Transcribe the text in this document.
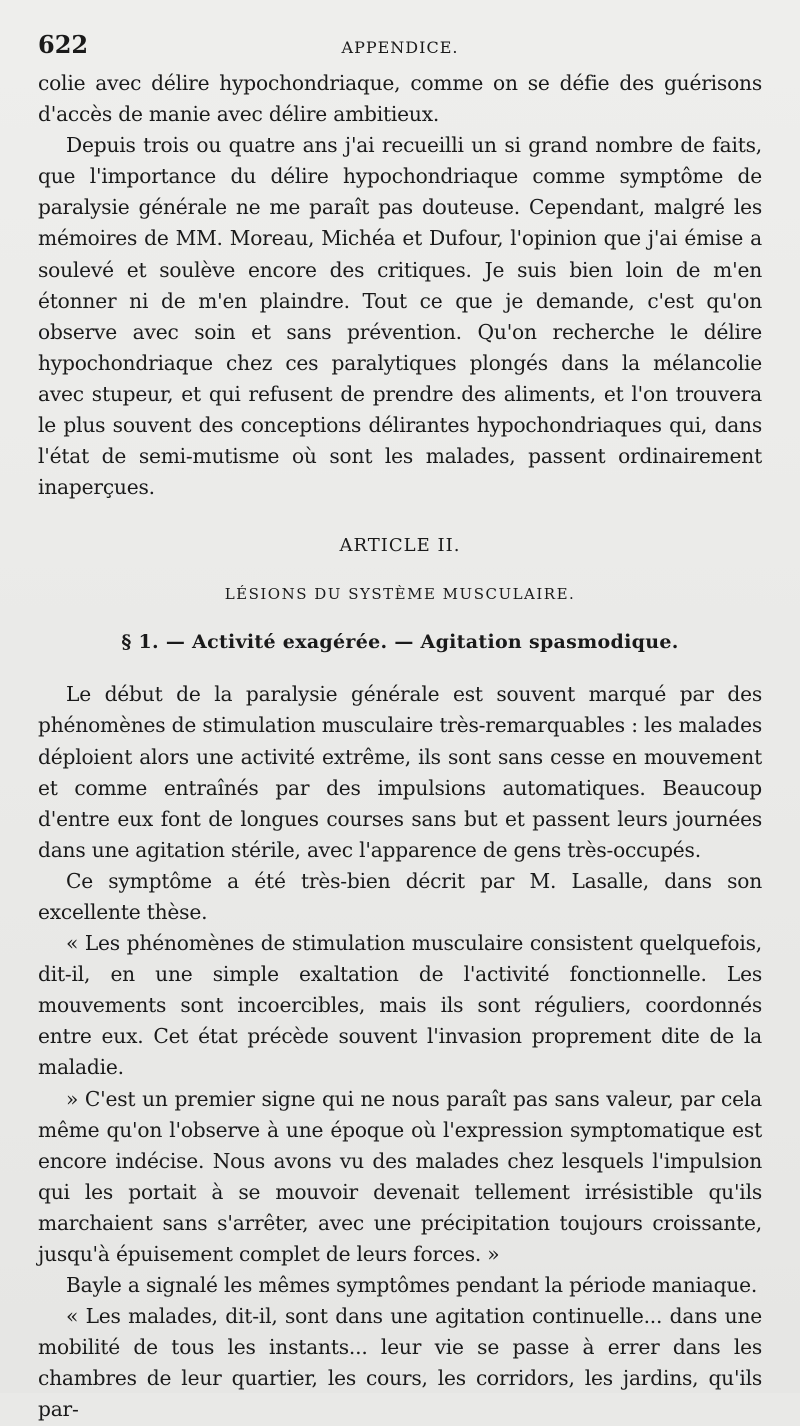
622	APPENDICE.

colie avec délire hypochondriaque, comme on se défie des guérisons d'accès de manie avec délire ambitieux.

Depuis trois ou quatre ans j'ai recueilli un si grand nombre de faits, que l'importance du délire hypochondriaque comme symptôme de paralysie générale ne me paraît pas douteuse. Cependant, malgré les mémoires de MM. Moreau, Michéa et Dufour, l'opinion que j'ai émise a soulevé et soulève encore des critiques. Je suis bien loin de m'en étonner ni de m'en plaindre. Tout ce que je demande, c'est qu'on observe avec soin et sans prévention. Qu'on recherche le délire hypochondriaque chez ces paralytiques plongés dans la mélancolie avec stupeur, et qui refusent de prendre des aliments, et l'on trouvera le plus souvent des conceptions délirantes hypochondriaques qui, dans l'état de semi-mutisme où sont les malades, passent ordinairement inaperçues.

ARTICLE II.
LÉSIONS DU SYSTÈME MUSCULAIRE.
§ 1. — Activité exagérée. — Agitation spasmodique.

Le début de la paralysie générale est souvent marqué par des phénomènes de stimulation musculaire très-remarquables : les malades déploient alors une activité extrême, ils sont sans cesse en mouvement et comme entraînés par des impulsions automatiques. Beaucoup d'entre eux font de longues courses sans but et passent leurs journées dans une agitation stérile, avec l'apparence de gens très-occupés.

Ce symptôme a été très-bien décrit par M. Lasalle, dans son excellente thèse.

« Les phénomènes de stimulation musculaire consistent quelquefois, dit-il, en une simple exaltation de l'activité fonctionnelle. Les mouvements sont incoercibles, mais ils sont réguliers, coordonnés entre eux. Cet état précède souvent l'invasion proprement dite de la maladie.

» C'est un premier signe qui ne nous paraît pas sans valeur, par cela même qu'on l'observe à une époque où l'expression symptomatique est encore indécise. Nous avons vu des malades chez lesquels l'impulsion qui les portait à se mouvoir devenait tellement irrésistible qu'ils marchaient sans s'arrêter, avec une précipitation toujours croissante, jusqu'à épuisement complet de leurs forces. »

Bayle a signalé les mêmes symptômes pendant la période maniaque.

« Les malades, dit-il, sont dans une agitation continuelle... dans une mobilité de tous les instants... leur vie se passe à errer dans les chambres de leur quartier, les cours, les corridors, les jardins, qu'ils par-
